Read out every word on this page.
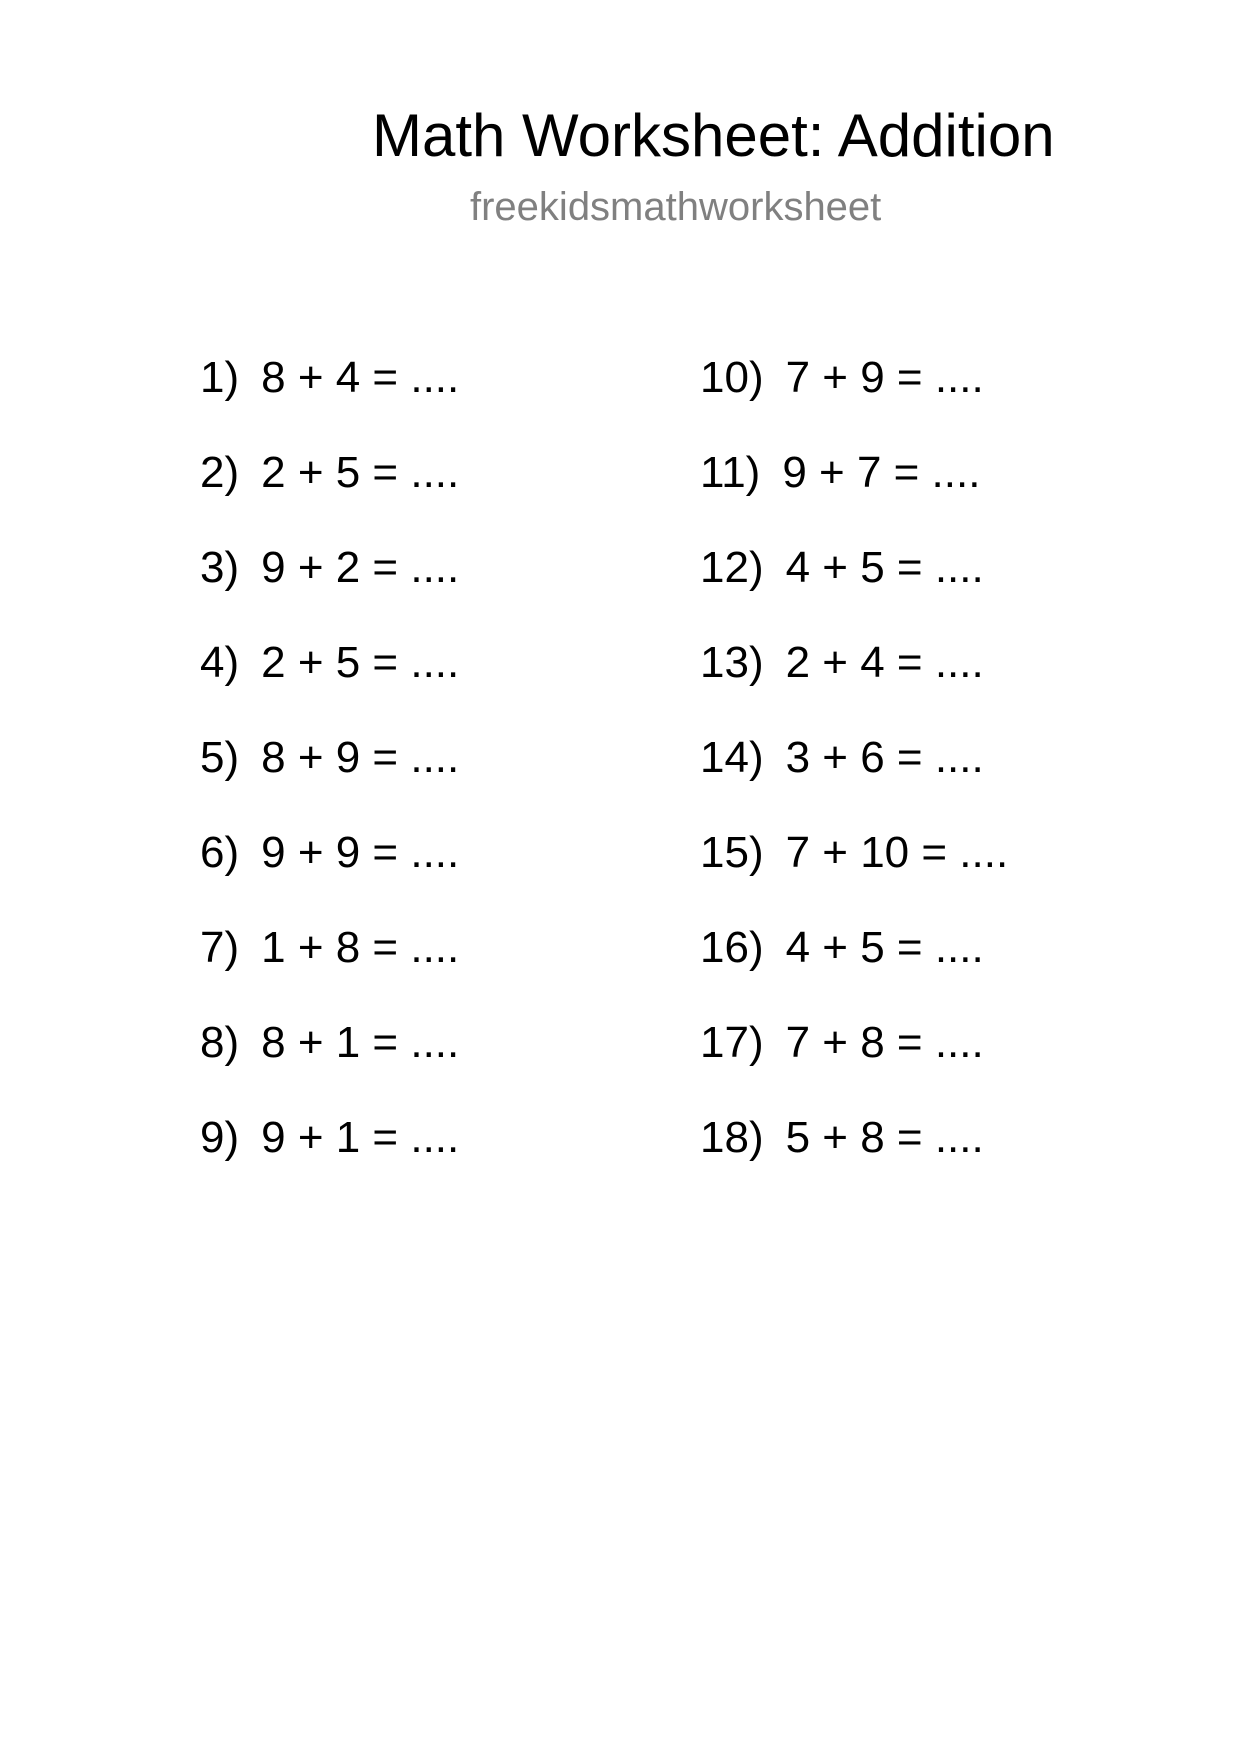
Math Worksheet: Addition
freekidsmathworksheet
1) 8 + 4 = ....
2) 2 + 5 = ....
3) 9 + 2 = ....
4) 2 + 5 = ....
5) 8 + 9 = ....
6) 9 + 9 = ....
7) 1 + 8 = ....
8) 8 + 1 = ....
9) 9 + 1 = ....
10) 7 + 9 = ....
11) 9 + 7 = ....
12) 4 + 5 = ....
13) 2 + 4 = ....
14) 3 + 6 = ....
15) 7 + 10 = ....
16) 4 + 5 = ....
17) 7 + 8 = ....
18) 5 + 8 = ....
